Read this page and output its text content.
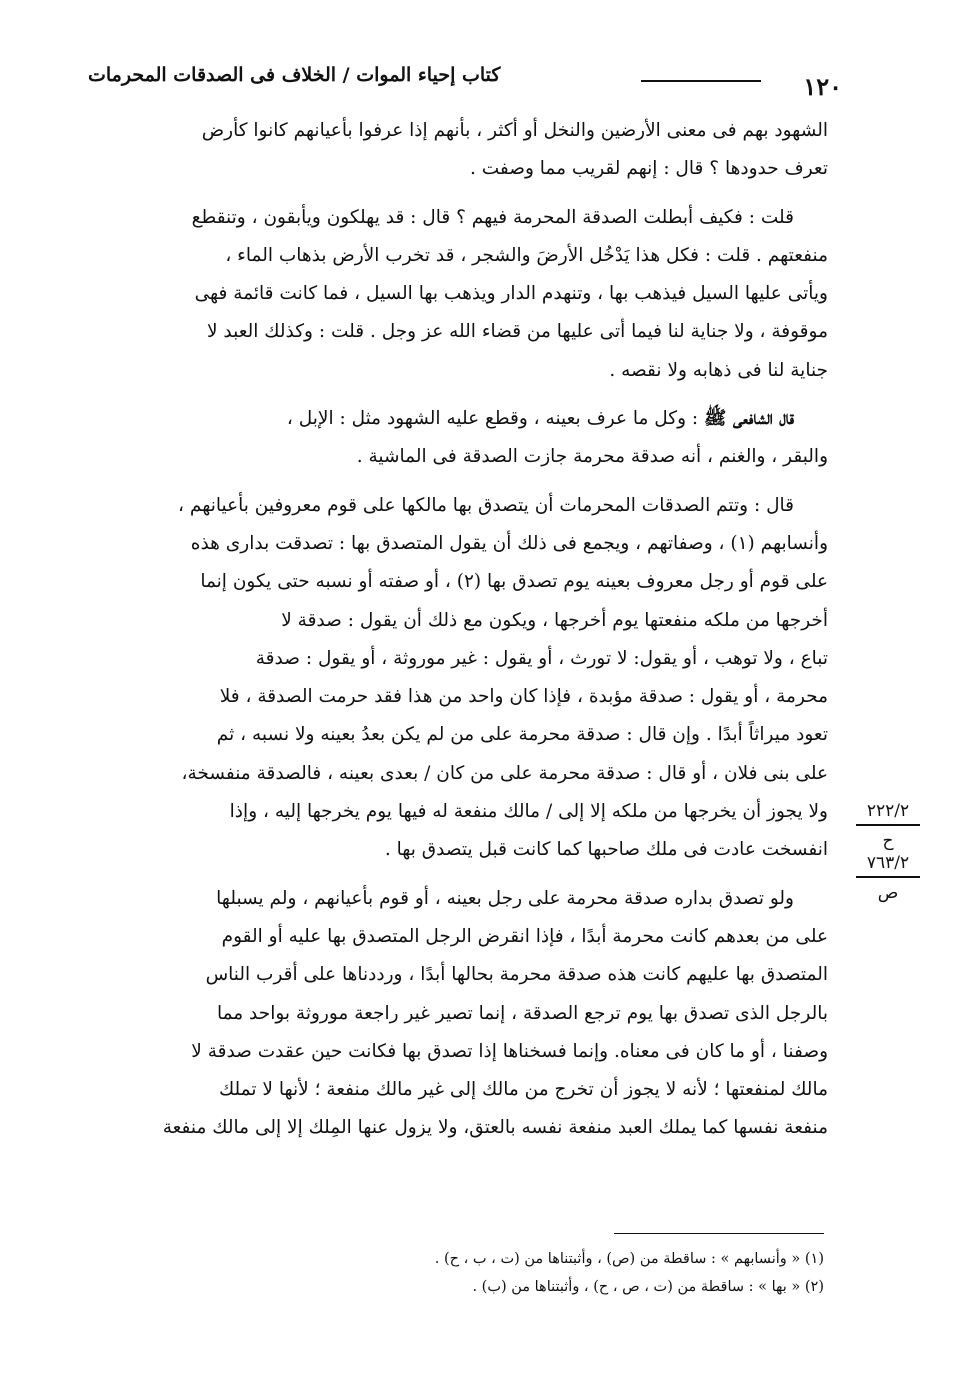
١٢٠
كتاب إحياء الموات / الخلاف فى الصدقات المحرمات

الشهود بهم فى معنى الأرضين والنخل أو أكثر ، بأنهم إذا عرفوا بأعيانهم كانوا كأرض
تعرف حدودها ؟ قال : إنهم لقريب مما وصفت .

قلت : فكيف أبطلت الصدقة المحرمة فيهم ؟ قال : قد يهلكون ويأبقون ، وتنقطع
منفعتهم . قلت : فكل هذا يَدْخُل الأرضَ والشجر ، قد تخرب الأرض بذهاب الماء ،
ويأتى عليها السيل فيذهب بها ، وتنهدم الدار ويذهب بها السيل ، فما كانت قائمة فهى
موقوفة ، ولا جناية لنا فيما أتى عليها من قضاء الله عز وجل . قلت : وكذلك العبد لا
جناية لنا فى ذهابه ولا نقصه .

قال الشافعى ﷺ : وكل ما عرف بعينه ، وقطع عليه الشهود مثل : الإبل ،
والبقر ، والغنم ، أنه صدقة محرمة جازت الصدقة فى الماشية .

قال : وتتم الصدقات المحرمات أن يتصدق بها مالكها على قوم معروفين بأعيانهم ،
وأنسابهم (١) ، وصفاتهم ، ويجمع فى ذلك أن يقول المتصدق بها : تصدقت بدارى هذه
على قوم أو رجل معروف بعينه يوم تصدق بها (٢) ، أو صفته أو نسبه حتى يكون إنما
أخرجها من ملكه منفعتها يوم أخرجها ، ويكون مع ذلك أن يقول : صدقة لا
تباع ، ولا توهب ، أو يقول: لا تورث ، أو يقول : غير موروثة ، أو يقول : صدقة
محرمة ، أو يقول : صدقة مؤبدة ، فإذا كان واحد من هذا فقد حرمت الصدقة ، فلا
تعود ميراثاً أبدًا . وإن قال : صدقة محرمة على من لم يكن بعدُ بعينه ولا نسبه ، ثم
على بنى فلان ، أو قال : صدقة محرمة على من كان / بعدى بعينه ، فالصدقة منفسخة،
ولا يجوز أن يخرجها من ملكه إلا إلى / مالك منفعة له فيها يوم يخرجها إليه ، وإذا
انفسخت عادت فى ملك صاحبها كما كانت قبل يتصدق بها .

ولو تصدق بداره صدقة محرمة على رجل بعينه ، أو قوم بأعيانهم ، ولم يسبلها
على من بعدهم كانت محرمة أبدًا ، فإذا انقرض الرجل المتصدق بها عليه أو القوم
المتصدق بها عليهم كانت هذه صدقة محرمة بحالها أبدًا ، ورددناها على أقرب الناس
بالرجل الذى تصدق بها يوم ترجع الصدقة ، إنما تصير غير راجعة موروثة بواحد مما
وصفنا ، أو ما كان فى معناه. وإنما فسخناها إذا تصدق بها فكانت حين عقدت صدقة لا
مالك لمنفعتها ؛ لأنه لا يجوز أن تخرج من مالك إلى غير مالك منفعة ؛ لأنها لا تملك
منفعة نفسها كما يملك العبد منفعة نفسه بالعتق، ولا يزول عنها المِلك إلا إلى مالك منفعة

٢٢٢/٢
ح
٧٦٣/٢
ص
(١) « وأنسابهم » : ساقطة من (ص) ، وأثبتناها من (ت ، ب ، ح) .
(٢) « بها » : ساقطة من (ت ، ص ، ح) ، وأثبتناها من (ب) .
